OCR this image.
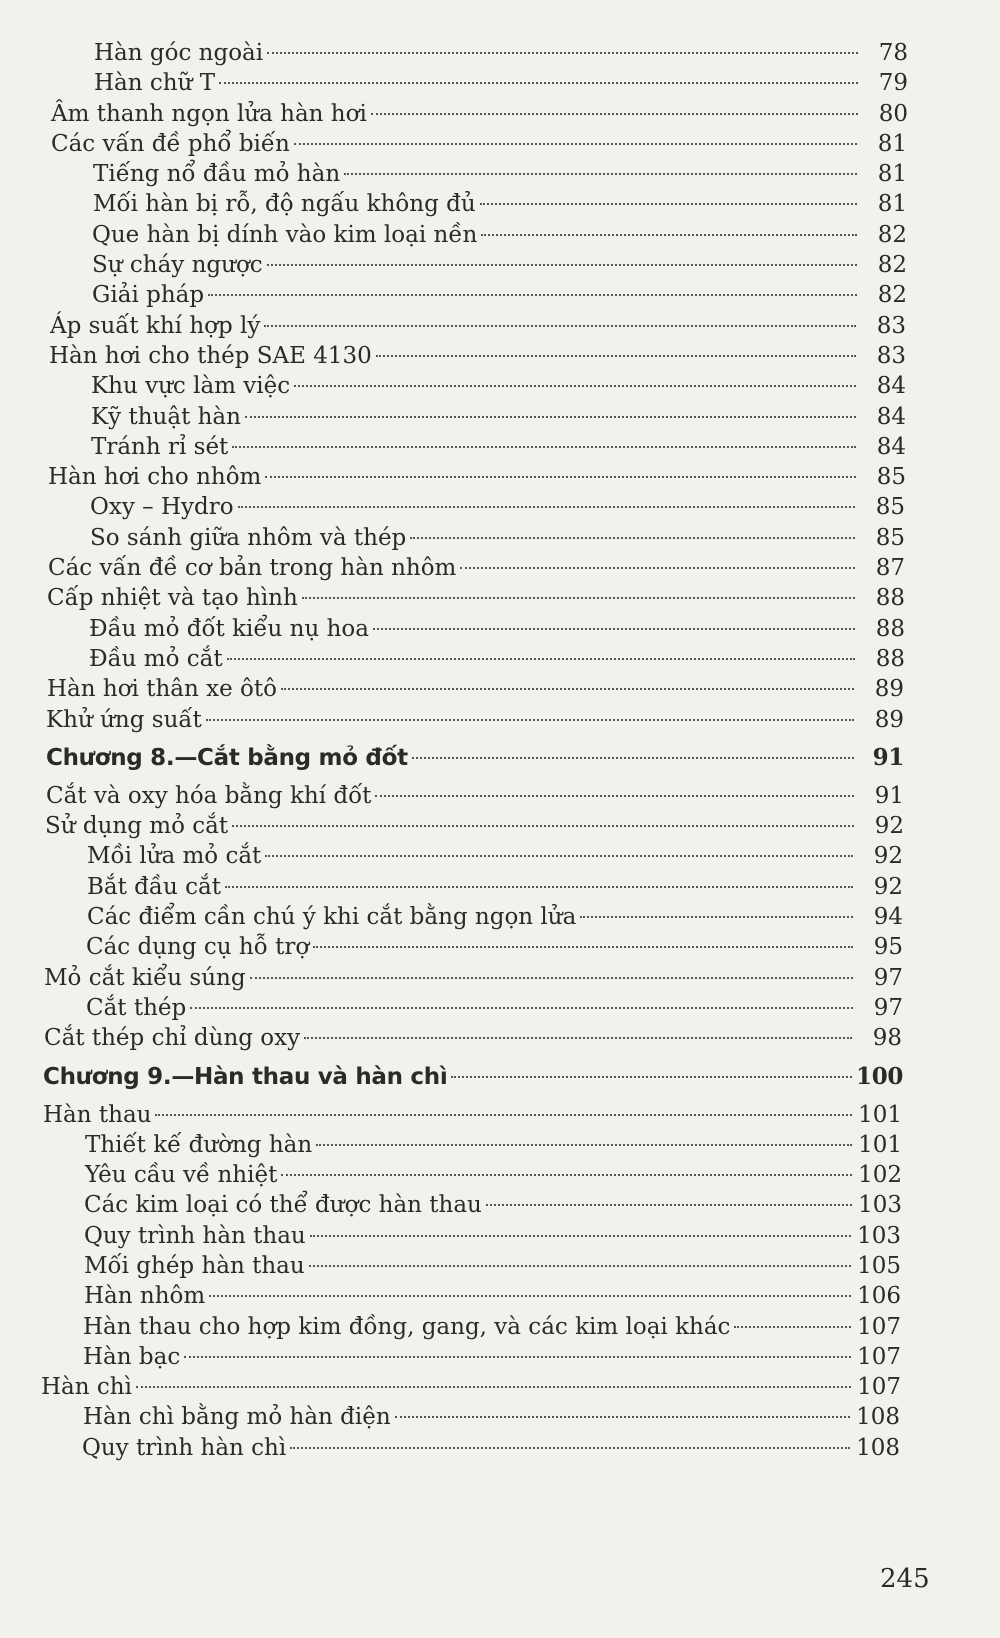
Hàn góc ngoài	78
Hàn chữ T	79
Âm thanh ngọn lửa hàn hơi	80
Các vấn đề phổ biến	81
Tiếng nổ đầu mỏ hàn	81
Mối hàn bị rỗ, độ ngấu không đủ	81
Que hàn bị dính vào kim loại nền	82
Sự cháy ngược	82
Giải pháp	82
Áp suất khí hợp lý	83
Hàn hơi cho thép SAE 4130	83
Khu vực làm việc	84
Kỹ thuật hàn	84
Tránh rỉ sét	84
Hàn hơi cho nhôm	85
Oxy – Hydro	85
So sánh giữa nhôm và thép	85
Các vấn đề cơ bản trong hàn nhôm	87
Cấp nhiệt và tạo hình	88
Đầu mỏ đốt kiểu nụ hoa	88
Đầu mỏ cắt	88
Hàn hơi thân xe ôtô	89
Khử ứng suất	89
Chương 8.—Cắt bằng mỏ đốt	91
Cắt và oxy hóa bằng khí đốt	91
Sử dụng mỏ cắt	92
Mồi lửa mỏ cắt	92
Bắt đầu cắt	92
Các điểm cần chú ý khi cắt bằng ngọn lửa	94
Các dụng cụ hỗ trợ	95
Mỏ cắt kiểu súng	97
Cắt thép	97
Cắt thép chỉ dùng oxy	98
Chương 9.—Hàn thau và hàn chì	100
Hàn thau	101
Thiết kế đường hàn	101
Yêu cầu về nhiệt	102
Các kim loại có thể được hàn thau	103
Quy trình hàn thau	103
Mối ghép hàn thau	105
Hàn nhôm	106
Hàn thau cho hợp kim đồng, gang, và các kim loại khác	107
Hàn bạc	107
Hàn chì	107
Hàn chì bằng mỏ hàn điện	108
Quy trình hàn chì	108
245
